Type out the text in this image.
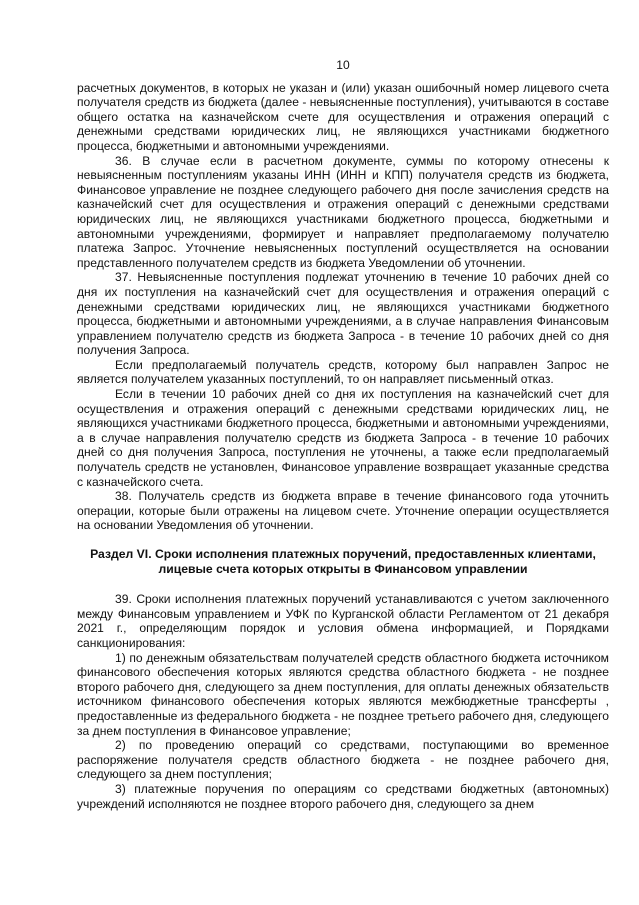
10

расчетных документов, в которых не указан и (или) указан ошибочный номер лицевого счета получателя средств из бюджета (далее - невыясненные поступления), учитываются в составе общего остатка на казначейском счете для осуществления и отражения операций с денежными средствами юридических лиц, не являющихся участниками бюджетного процесса, бюджетными и автономными учреждениями.

36. В случае если в расчетном документе, суммы по которому отнесены к невыясненным поступлениям указаны ИНН (ИНН и КПП) получателя средств из бюджета, Финансовое управление не позднее следующего рабочего дня после зачисления средств на казначейский счет для осуществления и отражения операций с денежными средствами юридических лиц, не являющихся участниками бюджетного процесса, бюджетными и автономными учреждениями, формирует и направляет предполагаемому получателю платежа Запрос. Уточнение невыясненных поступлений осуществляется на основании представленного получателем средств из бюджета Уведомлении об уточнении.

37. Невыясненные поступления подлежат уточнению в течение 10 рабочих дней со дня их поступления на казначейский счет для осуществления и отражения операций с денежными средствами юридических лиц, не являющихся участниками бюджетного процесса, бюджетными и автономными учреждениями, а в случае направления Финансовым управлением получателю средств из бюджета Запроса - в течение 10 рабочих дней со дня получения Запроса.

Если предполагаемый получатель средств, которому был направлен Запрос не является получателем указанных поступлений, то он направляет письменный отказ.

Если в течении 10 рабочих дней со дня их поступления на казначейский счет для осуществления и отражения операций с денежными средствами юридических лиц, не являющихся участниками бюджетного процесса, бюджетными и автономными учреждениями, а в случае направления получателю средств из бюджета Запроса - в течение 10 рабочих дней со дня получения Запроса, поступления не уточнены, а также если предполагаемый получатель средств не установлен, Финансовое управление возвращает указанные средства с казначейского счета.

38. Получатель средств из бюджета вправе в течение финансового года уточнить операции, которые были отражены на лицевом счете. Уточнение операции осуществляется на основании Уведомления об уточнении.

Раздел VI. Сроки исполнения платежных поручений, предоставленных клиентами, лицевые счета которых открыты в Финансовом управлении

39. Сроки исполнения платежных поручений устанавливаются с учетом заключенного между Финансовым управлением и УФК по Курганской области Регламентом от 21 декабря 2021 г., определяющим порядок и условия обмена информацией, и Порядками санкционирования:

1) по денежным обязательствам получателей средств областного бюджета источником финансового обеспечения которых являются средства областного бюджета - не позднее второго рабочего дня, следующего за днем поступления, для оплаты денежных обязательств источником финансового обеспечения которых являются межбюджетные трансферты , предоставленные из федерального бюджета - не позднее третьего рабочего дня, следующего за днем поступления в Финансовое управление;

2) по проведению операций со средствами, поступающими во временное распоряжение получателя средств областного бюджета - не позднее рабочего дня, следующего за днем поступления;

3) платежные поручения по операциям со средствами бюджетных (автономных) учреждений исполняются не позднее второго рабочего дня, следующего за днем
